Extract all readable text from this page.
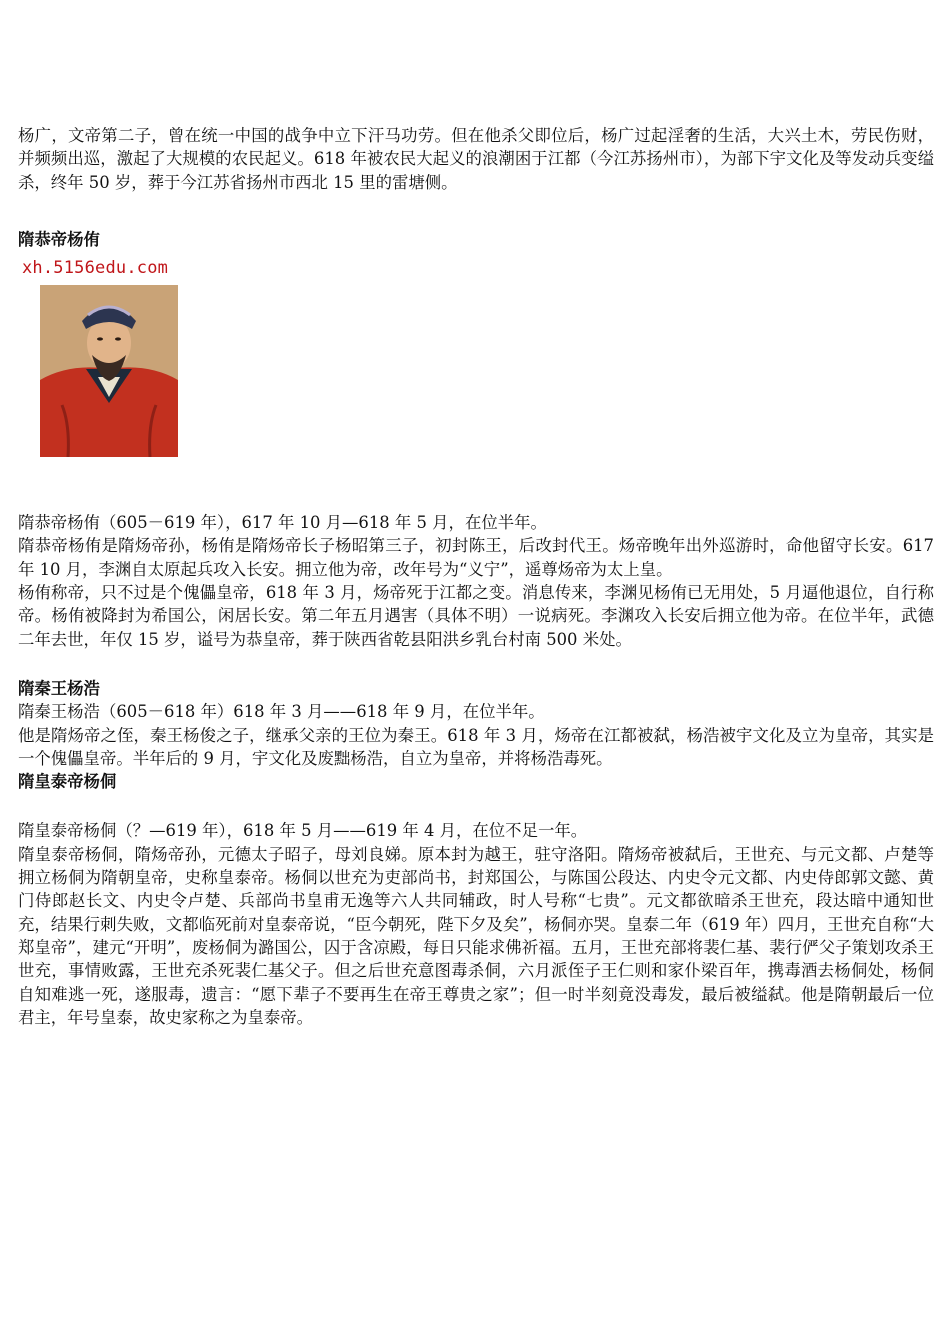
杨广，文帝第二子，曾在统一中国的战争中立下汗马功劳。但在他杀父即位后，杨广过起淫奢的生活，大兴土木，劳民伤财，并频频出巡，激起了大规模的农民起义。618 年被农民大起义的浪潮困于江都（今江苏扬州市），为部下宇文化及等发动兵变缢杀，终年 50 岁，葬于今江苏省扬州市西北 15 里的雷塘侧。

隋恭帝杨侑

xh.5156edu.com

隋恭帝杨侑（605－619 年），617 年 10 月—618 年 5 月，在位半年。

隋恭帝杨侑是隋炀帝孙，杨侑是隋炀帝长子杨昭第三子，初封陈王，后改封代王。炀帝晚年出外巡游时，命他留守长安。617 年 10 月，李渊自太原起兵攻入长安。拥立他为帝，改年号为“义宁”，遥尊炀帝为太上皇。

杨侑称帝，只不过是个傀儡皇帝，618 年 3 月，炀帝死于江都之变。消息传来，李渊见杨侑已无用处，5 月逼他退位，自行称帝。杨侑被降封为希国公，闲居长安。第二年五月遇害（具体不明）一说病死。李渊攻入长安后拥立他为帝。在位半年，武德二年去世，年仅 15 岁，谥号为恭皇帝，葬于陕西省乾县阳洪乡乳台村南 500 米处。

隋秦王杨浩

隋秦王杨浩（605－618 年）618 年 3 月——618 年 9 月，在位半年。

他是隋炀帝之侄，秦王杨俊之子，继承父亲的王位为秦王。618 年 3 月，炀帝在江都被弑，杨浩被宇文化及立为皇帝，其实是一个傀儡皇帝。半年后的 9 月，宇文化及废黜杨浩，自立为皇帝，并将杨浩毒死。

隋皇泰帝杨侗

隋皇泰帝杨侗（？—619 年），618 年 5 月——619 年 4 月，在位不足一年。

隋皇泰帝杨侗，隋炀帝孙，元德太子昭子，母刘良娣。原本封为越王，驻守洛阳。隋炀帝被弑后，王世充、与元文都、卢楚等拥立杨侗为隋朝皇帝，史称皇泰帝。杨侗以世充为吏部尚书，封郑国公，与陈国公段达、内史令元文都、内史侍郎郭文懿、黄门侍郎赵长文、内史令卢楚、兵部尚书皇甫无逸等六人共同辅政，时人号称“七贵”。元文都欲暗杀王世充，段达暗中通知世充，结果行刺失败，文都临死前对皇泰帝说，“臣今朝死，陛下夕及矣”，杨侗亦哭。皇泰二年（619 年）四月，王世充自称“大郑皇帝”，建元“开明”，废杨侗为潞国公，囚于含凉殿，每日只能求佛祈福。五月，王世充部将裴仁基、裴行俨父子策划攻杀王世充，事情败露，王世充杀死裴仁基父子。但之后世充意图毒杀侗，六月派侄子王仁则和家仆梁百年，携毒酒去杨侗处，杨侗自知难逃一死，遂服毒，遗言：“愿下辈子不要再生在帝王尊贵之家”；但一时半刻竟没毒发，最后被缢弑。他是隋朝最后一位君主，年号皇泰，故史家称之为皇泰帝。
